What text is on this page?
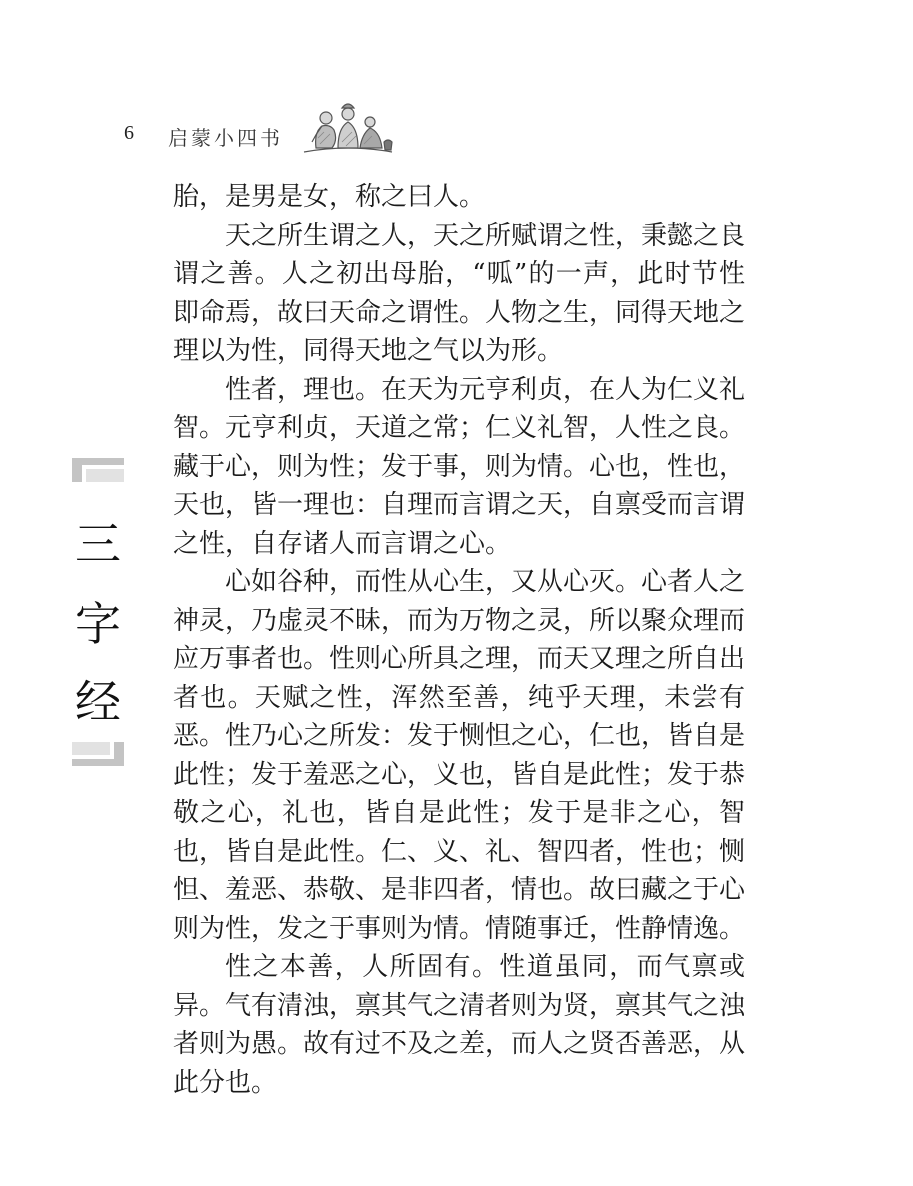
6 启蒙小四书
三
字
经

胎，是男是女，称之曰人。

天之所生谓之人，天之所赋谓之性，秉懿之良谓之善。人之初出母胎，“呱”的一声，此时节性即命焉，故曰天命之谓性。人物之生，同得天地之理以为性，同得天地之气以为形。

性者，理也。在天为元亨利贞，在人为仁义礼智。元亨利贞，天道之常；仁义礼智，人性之良。藏于心，则为性；发于事，则为情。心也，性也，天也，皆一理也：自理而言谓之天，自禀受而言谓之性，自存诸人而言谓之心。

心如谷种，而性从心生，又从心灭。心者人之神灵，乃虚灵不昧，而为万物之灵，所以聚众理而应万事者也。性则心所具之理，而天又理之所自出者也。天赋之性，浑然至善，纯乎天理，未尝有恶。性乃心之所发：发于恻怛之心，仁也，皆自是此性；发于羞恶之心，义也，皆自是此性；发于恭敬之心，礼也，皆自是此性；发于是非之心，智也，皆自是此性。仁、义、礼、智四者，性也；恻怛、羞恶、恭敬、是非四者，情也。故曰藏之于心则为性，发之于事则为情。情随事迁，性静情逸。

性之本善，人所固有。性道虽同，而气禀或异。气有清浊，禀其气之清者则为贤，禀其气之浊者则为愚。故有过不及之差，而人之贤否善恶，从此分也。
